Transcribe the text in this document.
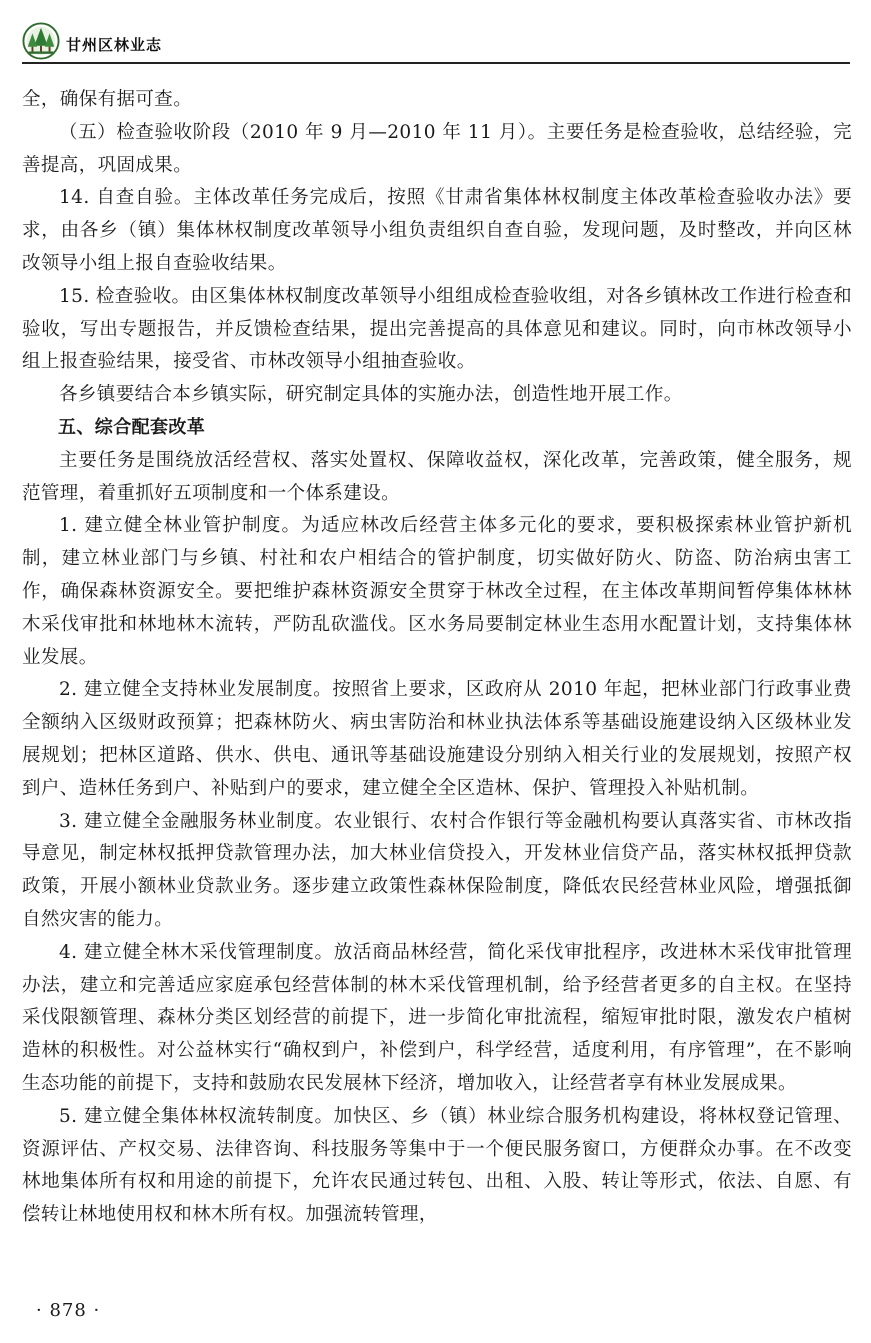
甘州区林业志

全，确保有据可查。

（五）检查验收阶段（2010 年 9 月—2010 年 11 月）。主要任务是检查验收，总结经验，完善提高，巩固成果。

14. 自查自验。主体改革任务完成后，按照《甘肃省集体林权制度主体改革检查验收办法》要求，由各乡（镇）集体林权制度改革领导小组负责组织自查自验，发现问题，及时整改，并向区林改领导小组上报自查验收结果。

15. 检查验收。由区集体林权制度改革领导小组组成检查验收组，对各乡镇林改工作进行检查和验收，写出专题报告，并反馈检查结果，提出完善提高的具体意见和建议。同时，向市林改领导小组上报查验结果，接受省、市林改领导小组抽查验收。

各乡镇要结合本乡镇实际，研究制定具体的实施办法，创造性地开展工作。

五、综合配套改革

主要任务是围绕放活经营权、落实处置权、保障收益权，深化改革，完善政策，健全服务，规范管理，着重抓好五项制度和一个体系建设。

1. 建立健全林业管护制度。为适应林改后经营主体多元化的要求，要积极探索林业管护新机制，建立林业部门与乡镇、村社和农户相结合的管护制度，切实做好防火、防盗、防治病虫害工作，确保森林资源安全。要把维护森林资源安全贯穿于林改全过程，在主体改革期间暂停集体林林木采伐审批和林地林木流转，严防乱砍滥伐。区水务局要制定林业生态用水配置计划，支持集体林业发展。

2. 建立健全支持林业发展制度。按照省上要求，区政府从 2010 年起，把林业部门行政事业费全额纳入区级财政预算；把森林防火、病虫害防治和林业执法体系等基础设施建设纳入区级林业发展规划；把林区道路、供水、供电、通讯等基础设施建设分别纳入相关行业的发展规划，按照产权到户、造林任务到户、补贴到户的要求，建立健全全区造林、保护、管理投入补贴机制。

3. 建立健全金融服务林业制度。农业银行、农村合作银行等金融机构要认真落实省、市林改指导意见，制定林权抵押贷款管理办法，加大林业信贷投入，开发林业信贷产品，落实林权抵押贷款政策，开展小额林业贷款业务。逐步建立政策性森林保险制度，降低农民经营林业风险，增强抵御自然灾害的能力。

4. 建立健全林木采伐管理制度。放活商品林经营，简化采伐审批程序，改进林木采伐审批管理办法，建立和完善适应家庭承包经营体制的林木采伐管理机制，给予经营者更多的自主权。在坚持采伐限额管理、森林分类区划经营的前提下，进一步简化审批流程，缩短审批时限，激发农户植树造林的积极性。对公益林实行“确权到户，补偿到户，科学经营，适度利用，有序管理”，在不影响生态功能的前提下，支持和鼓励农民发展林下经济，增加收入，让经营者享有林业发展成果。

5. 建立健全集体林权流转制度。加快区、乡（镇）林业综合服务机构建设，将林权登记管理、资源评估、产权交易、法律咨询、科技服务等集中于一个便民服务窗口，方便群众办事。在不改变林地集体所有权和用途的前提下，允许农民通过转包、出租、入股、转让等形式，依法、自愿、有偿转让林地使用权和林木所有权。加强流转管理，

· 878 ·
